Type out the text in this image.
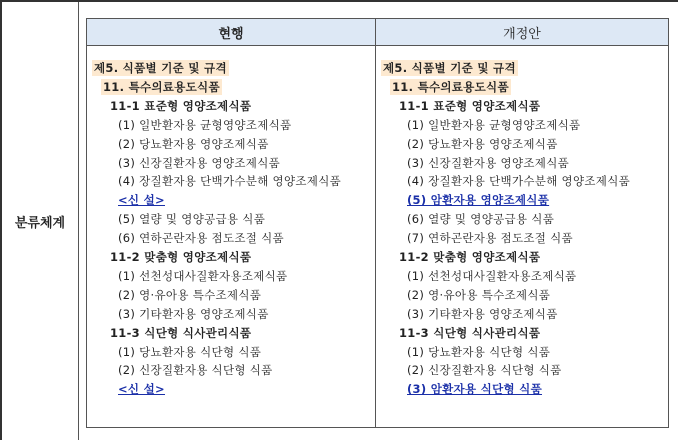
분류체계
현행	개정안
제5. 식품별 기준 및 규격
11. 특수의료용도식품
11-1 표준형 영양조제식품
(1) 일반환자용 균형영양조제식품
(2) 당뇨환자용 영양조제식품
(3) 신장질환자용 영양조제식품
(4) 장질환자용 단백가수분해 영양조제식품
<신 설>
(5) 열량 및 영양공급용 식품
(6) 연하곤란자용 점도조절 식품
11-2 맞춤형 영양조제식품
(1) 선천성대사질환자용조제식품
(2) 영·유아용 특수조제식품
(3) 기타환자용 영양조제식품
11-3 식단형 식사관리식품
(1) 당뇨환자용 식단형 식품
(2) 신장질환자용 식단형 식품
<신 설>
제5. 식품별 기준 및 규격
11. 특수의료용도식품
11-1 표준형 영양조제식품
(1) 일반환자용 균형영양조제식품
(2) 당뇨환자용 영양조제식품
(3) 신장질환자용 영양조제식품
(4) 장질환자용 단백가수분해 영양조제식품
(5) 암환자용 영양조제식품
(6) 열량 및 영양공급용 식품
(7) 연하곤란자용 점도조절 식품
11-2 맞춤형 영양조제식품
(1) 선천성대사질환자용조제식품
(2) 영·유아용 특수조제식품
(3) 기타환자용 영양조제식품
11-3 식단형 식사관리식품
(1) 당뇨환자용 식단형 식품
(2) 신장질환자용 식단형 식품
(3) 암환자용 식단형 식품
